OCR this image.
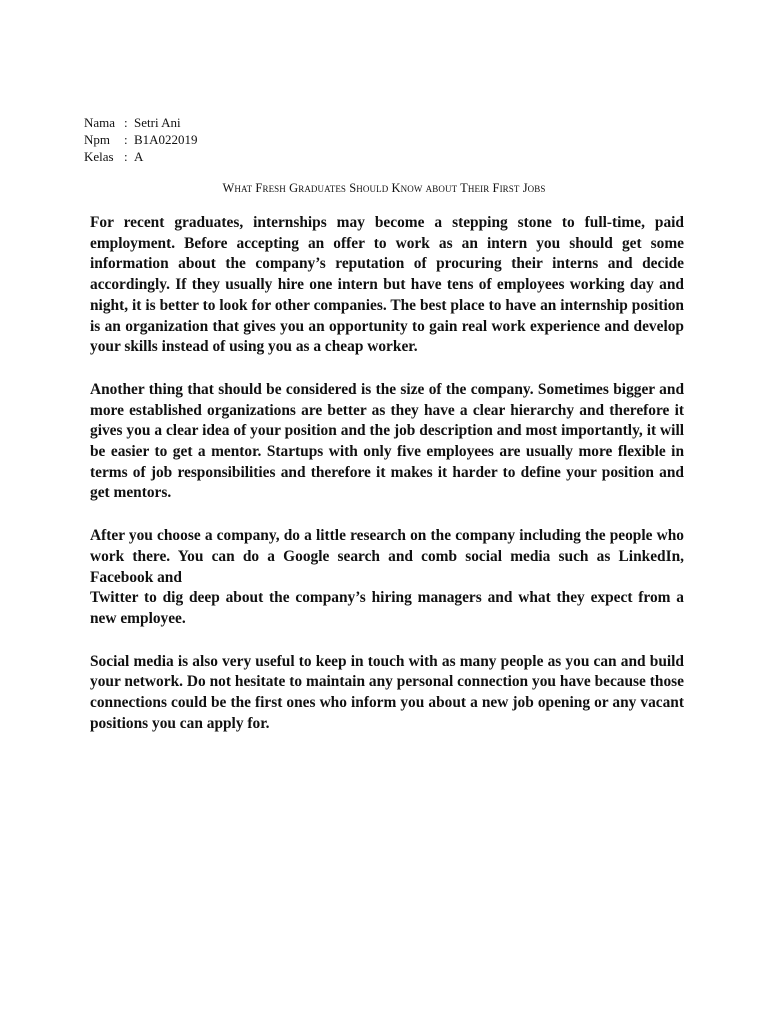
Nama : Setri Ani
Npm	: B1A022019
Kelas : A
What Fresh Graduates Should Know about Their First Jobs

For recent graduates, internships may become a stepping stone to full-time, paid employment. Before accepting an offer to work as an intern you should get some information about the company’s reputation of procuring their interns and decide accordingly. If they usually hire one intern but have tens of employees working day and night, it is better to look for other companies. The best place to have an internship position is an organization that gives you an opportunity to gain real work experience and develop your skills instead of using you as a cheap worker.

Another thing that should be considered is the size of the company. Sometimes bigger and more established organizations are better as they have a clear hierarchy and therefore it gives you a clear idea of your position and the job description and most importantly, it will be easier to get a mentor. Startups with only five employees are usually more flexible in terms of job responsibilities and therefore it makes it harder to define your position and get mentors.

After you choose a company, do a little research on the company including the people who work there. You can do a Google search and comb social media such as LinkedIn, Facebook and
Twitter to dig deep about the company’s hiring managers and what they expect from a new employee.

Social media is also very useful to keep in touch with as many people as you can and build your network. Do not hesitate to maintain any personal connection you have because those connections could be the first ones who inform you about a new job opening or any vacant positions you can apply for.
